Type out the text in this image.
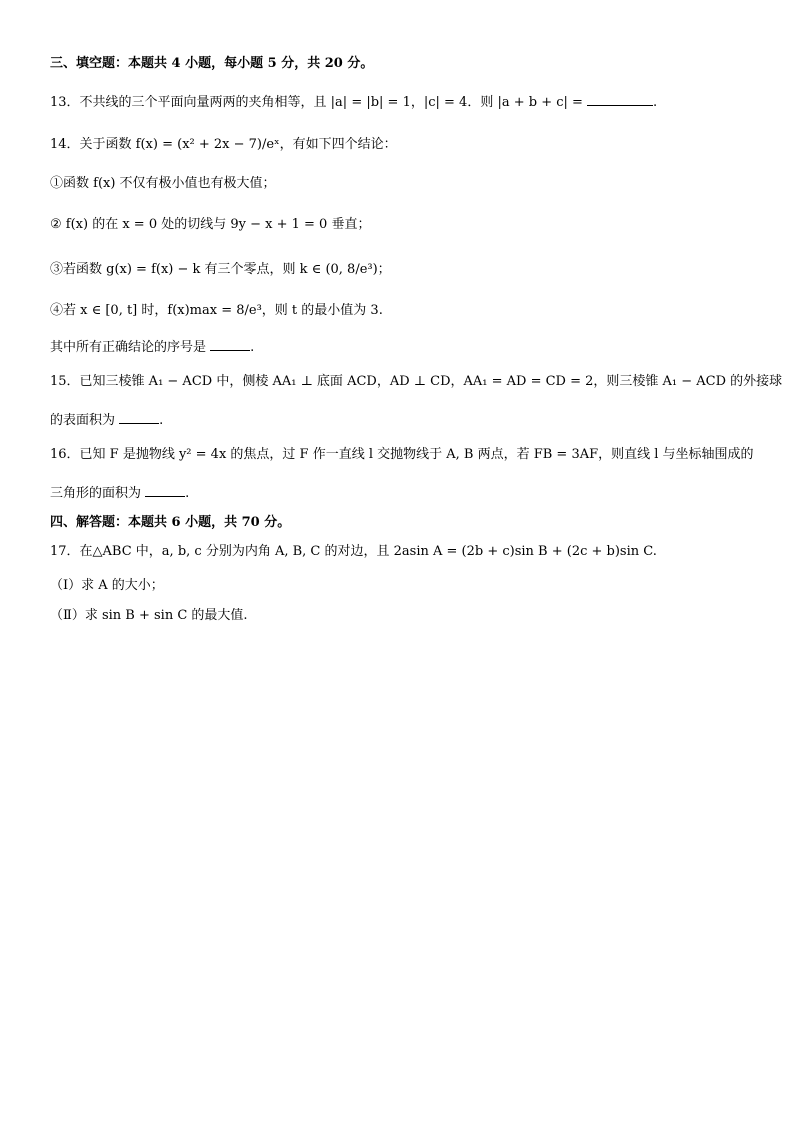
三、填空题：本题共 4 小题，每小题 5 分，共 20 分。
13．不共线的三个平面向量两两的夹角相等，且 |a| = |b| = 1，|c| = 4．则 |a + b + c| =	.
14．关于函数 f(x) = (x² + 2x − 7)/eˣ，有如下四个结论：
①函数 f(x) 不仅有极小值也有极大值；
② f(x) 的在 x = 0 处的切线与 9y − x + 1 = 0 垂直；
③若函数 g(x) = f(x) − k 有三个零点，则 k ∈ (0, 8/e³)；
④若 x ∈ [0, t] 时，f(x)max = 8/e³，则 t 的最小值为 3.
其中所有正确结论的序号是	.
15．已知三棱锥 A₁ − ACD 中，侧棱 AA₁ ⊥ 底面 ACD，AD ⊥ CD，AA₁ = AD = CD = 2，则三棱锥 A₁ − ACD 的外接球
的表面积为	.
16．已知 F 是抛物线 y² = 4x 的焦点，过 F 作一直线 l 交抛物线于 A, B 两点，若 FB = 3AF，则直线 l 与坐标轴围成的
三角形的面积为	.
四、解答题：本题共 6 小题，共 70 分。
17．在△ABC 中，a, b, c 分别为内角 A, B, C 的对边，且 2asin A = (2b + c)sin B + (2c + b)sin C.
（Ⅰ）求 A 的大小；
（Ⅱ）求 sin B + sin C 的最大值.
